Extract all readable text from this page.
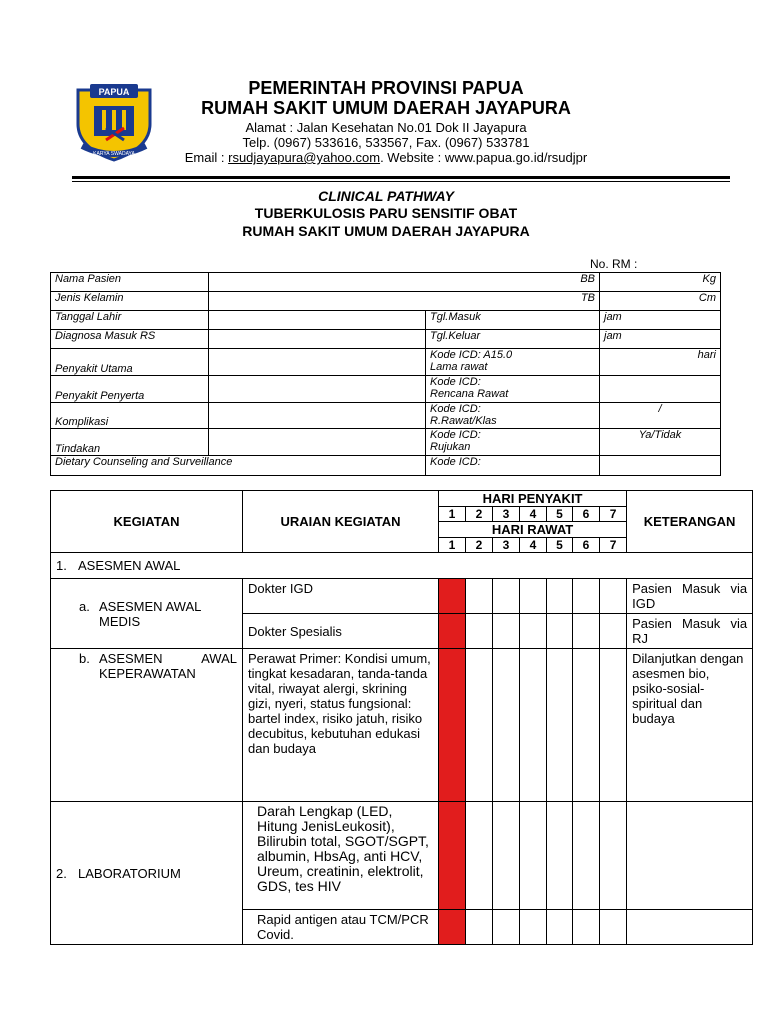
PAPUA
KARYA SWADAYA
PEMERINTAH PROVINSI PAPUA
RUMAH SAKIT UMUM DAERAH JAYAPURA
Alamat : Jalan Kesehatan No.01 Dok II Jayapura
Telp. (0967) 533616, 533567, Fax. (0967) 533781
Email : rsudjayapura@yahoo.com. Website : www.papua.go.id/rsudjpr
CLINICAL PATHWAY
TUBERKULOSIS PARU SENSITIF OBAT
RUMAH SAKIT UMUM DAERAH JAYAPURA
No. RM :
Nama Pasien	BB		Kg
Jenis Kelamin	TB		Cm
Tanggal Lahir		Tgl.Masuk	jam
Diagnosa Masuk RS		Tgl.Keluar	jam
Penyakit Utama		Kode ICD: A15.0
Lama rawat	hari
Penyakit Penyerta		Kode ICD:
Rencana Rawat	

Komplikasi		Kode ICD:
R.Rawat/Klas	/
Tindakan		Kode ICD:
Rujukan	Ya/Tidak
Dietary Counseling and Surveillance		Kode ICD:	
KEGIATAN	URAIAN KEGIATAN	HARI PENYAKIT							KETERANGAN
		1	2	3	4	5	6	7	
		HARI RAWAT							
		1	2	3	4	5	6	7	
1. ASESMEN AWAL									

a. ASESMEN AWAL MEDIS	Dokter IGD								Pasien Masuk via IGD
	Dokter Spesialis								Pasien Masuk via RJ

b. ASESMEN AWAL KEPERAWATAN	Perawat Primer: Kondisi umum, tingkat kesadaran, tanda-tanda vital, riwayat alergi, skrining gizi, nyeri, status fungsional: bartel index, risiko jatuh, risiko decubitus, kebutuhan edukasi dan budaya								Dilanjutkan dengan asesmen bio, psiko-sosial-spiritual dan budaya
2. LABORATORIUM	Darah Lengkap (LED, Hitung JenisLeukosit), Bilirubin total, SGOT/SGPT, albumin, HbsAg, anti HCV, Ureum, creatinin, elektrolit, GDS, tes HIV								
	Rapid antigen atau TCM/PCR Covid.								
